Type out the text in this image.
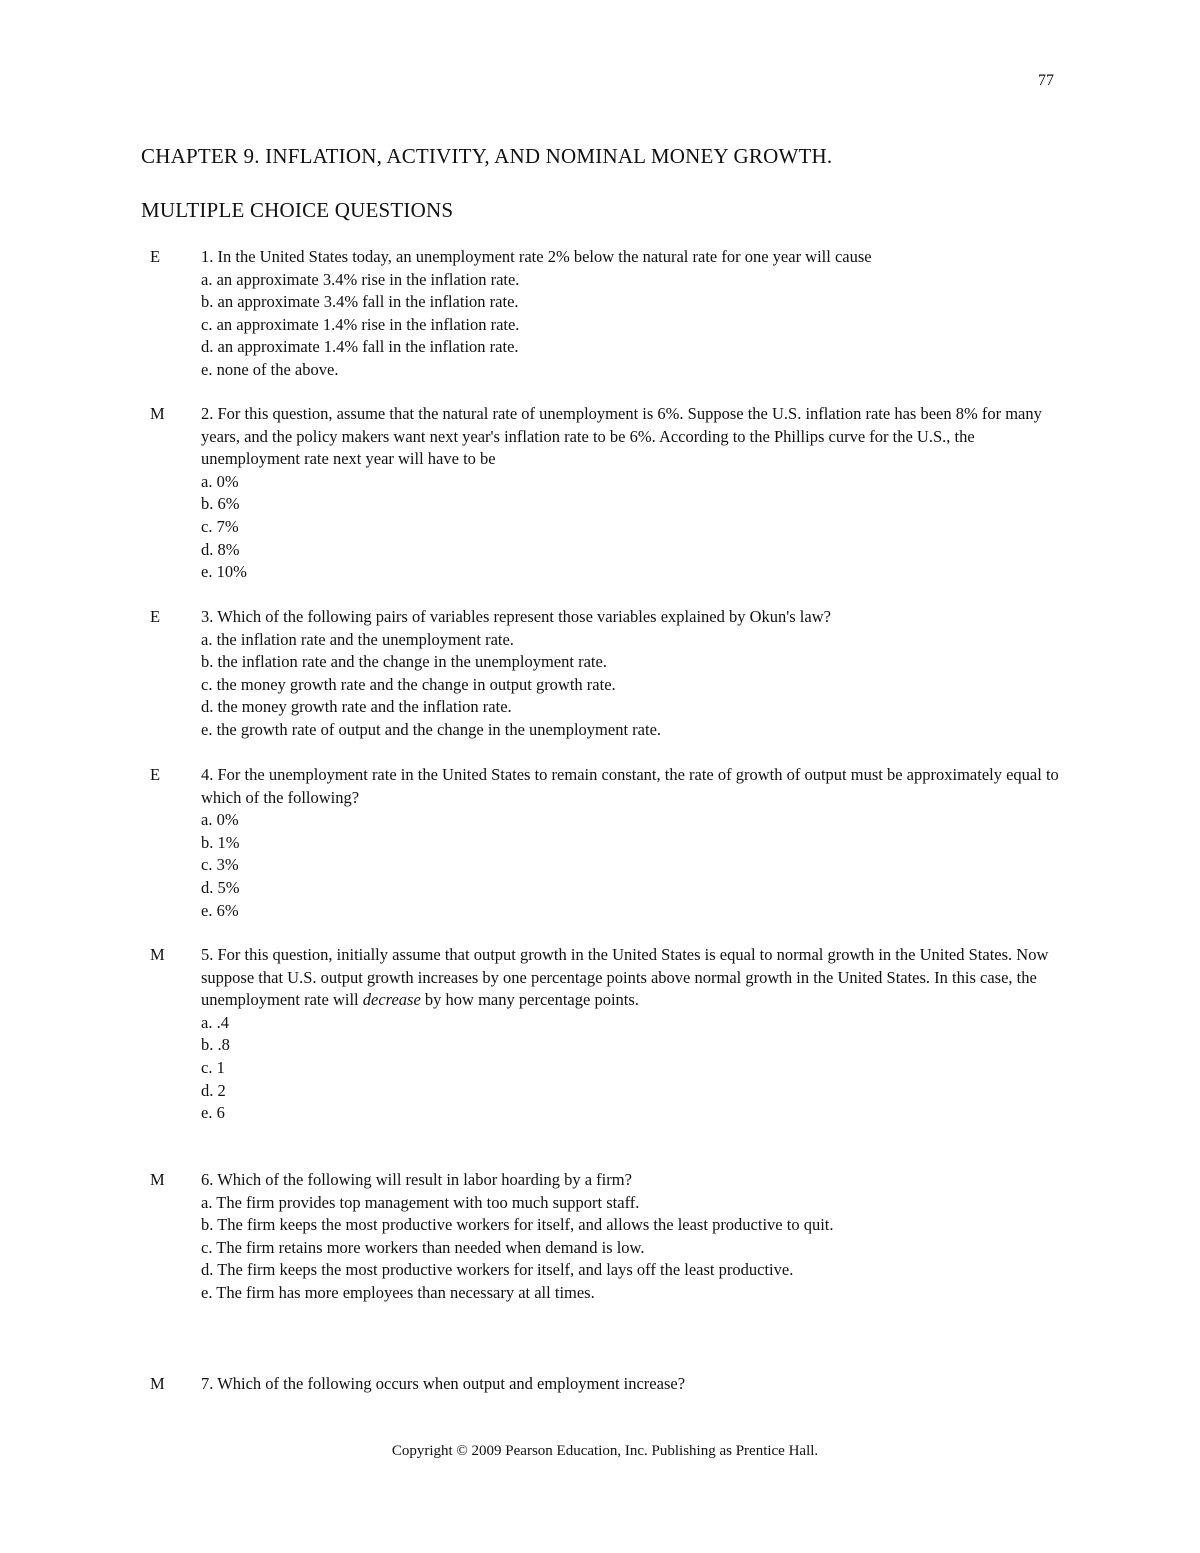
77
CHAPTER 9. INFLATION, ACTIVITY, AND NOMINAL MONEY GROWTH.
MULTIPLE CHOICE QUESTIONS
E	1. In the United States today, an unemployment rate 2% below the natural rate for one year will cause
a. an approximate 3.4% rise in the inflation rate.
b. an approximate 3.4% fall in the inflation rate.
c. an approximate 1.4% rise in the inflation rate.
d. an approximate 1.4% fall in the inflation rate.
e. none of the above.
M	2. For this question, assume that the natural rate of unemployment is 6%. Suppose the U.S. inflation rate has been 8% for many years, and the policy makers want next year's inflation rate to be 6%. According to the Phillips curve for the U.S., the unemployment rate next year will have to be
a. 0%
b. 6%
c. 7%
d. 8%
e. 10%
E	3. Which of the following pairs of variables represent those variables explained by Okun's law?
a. the inflation rate and the unemployment rate.
b. the inflation rate and the change in the unemployment rate.
c. the money growth rate and the change in output growth rate.
d. the money growth rate and the inflation rate.
e. the growth rate of output and the change in the unemployment rate.
E	4. For the unemployment rate in the United States to remain constant, the rate of growth of output must be approximately equal to which of the following?
a. 0%
b. 1%
c. 3%
d. 5%
e. 6%
M	5. For this question, initially assume that output growth in the United States is equal to normal growth in the United States. Now suppose that U.S. output growth increases by one percentage points above normal growth in the United States. In this case, the unemployment rate will decrease by how many percentage points.
a. .4
b. .8
c. 1
d. 2
e. 6
M	6. Which of the following will result in labor hoarding by a firm?
a. The firm provides top management with too much support staff.
b. The firm keeps the most productive workers for itself, and allows the least productive to quit.
c. The firm retains more workers than needed when demand is low.
d. The firm keeps the most productive workers for itself, and lays off the least productive.
e. The firm has more employees than necessary at all times.
M	7. Which of the following occurs when output and employment increase?
Copyright © 2009 Pearson Education, Inc. Publishing as Prentice Hall.
